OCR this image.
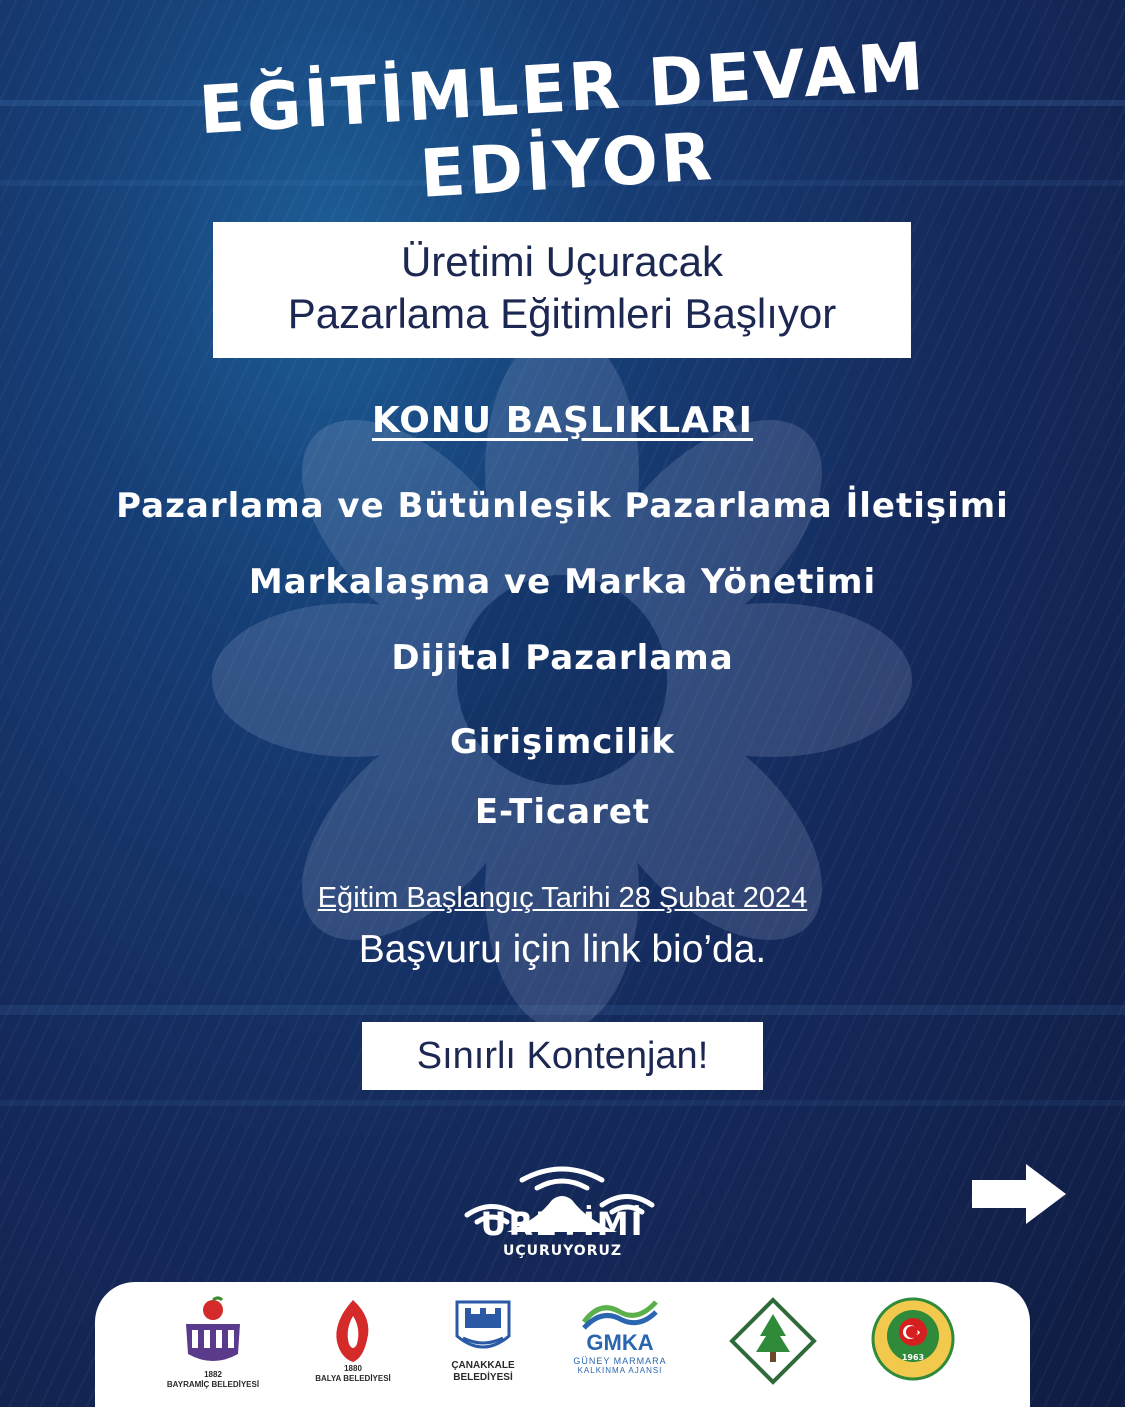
EĞİTİMLER DEVAM EDİYOR
Üretimi Uçuracak
Pazarlama Eğitimleri Başlıyor
KONU BAŞLIKLARI
Pazarlama ve Bütünleşik Pazarlama İletişimi
Markalaşma ve Marka Yönetimi
Dijital Pazarlama
Girişimcilik
E-Ticaret
Eğitim Başlangıç Tarihi 28 Şubat 2024
Başvuru için link bio’da.
Sınırlı Kontenjan!
ÜRETİMİ
UÇURUYORUZ
1882
BAYRAMİÇ BELEDİYESİ
1880
BALYA BELEDİYESİ
ÇANAKKALE
BELEDİYESİ
GMKA
GÜNEY MARMARA
KALKINMA AJANSI
1963
